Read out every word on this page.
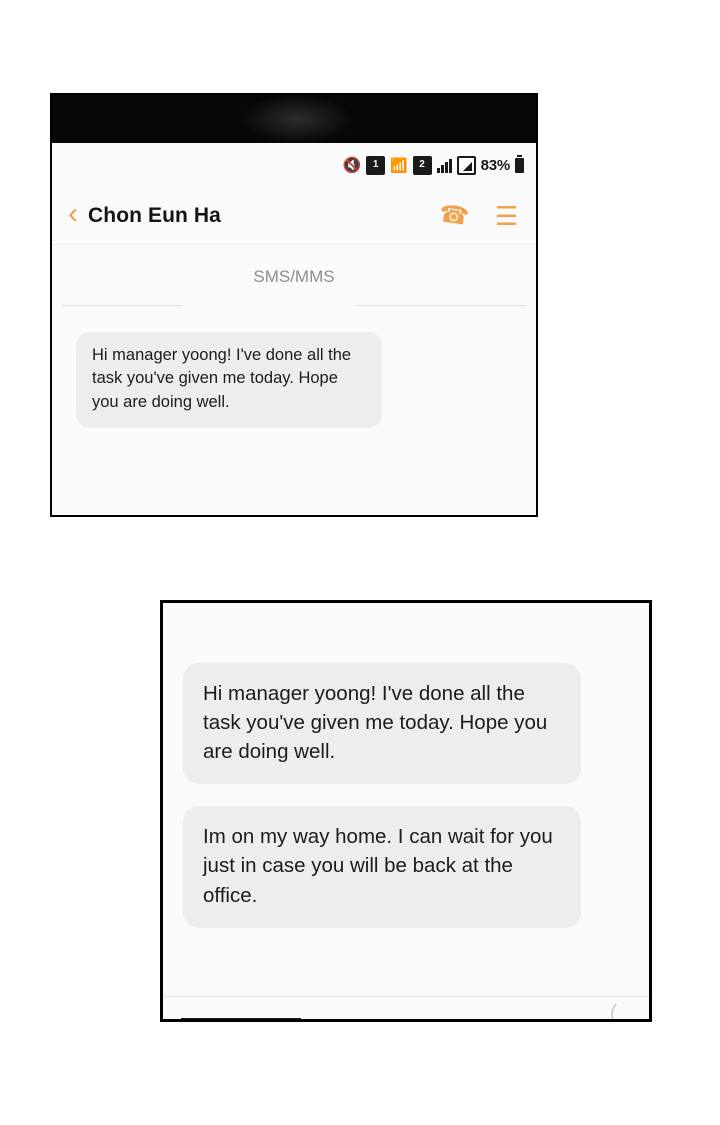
🔇	1 📶	2	83%
‹ Chon Eun Ha	☎ ☰
SMS/MMS
Hi manager yoong! I've done all the task you've given me today. Hope you are doing well.
Hi manager yoong! I've done all the task you've given me today. Hope you are doing well. Im on my way home. I can wait for you just in case you will be back at the office.
